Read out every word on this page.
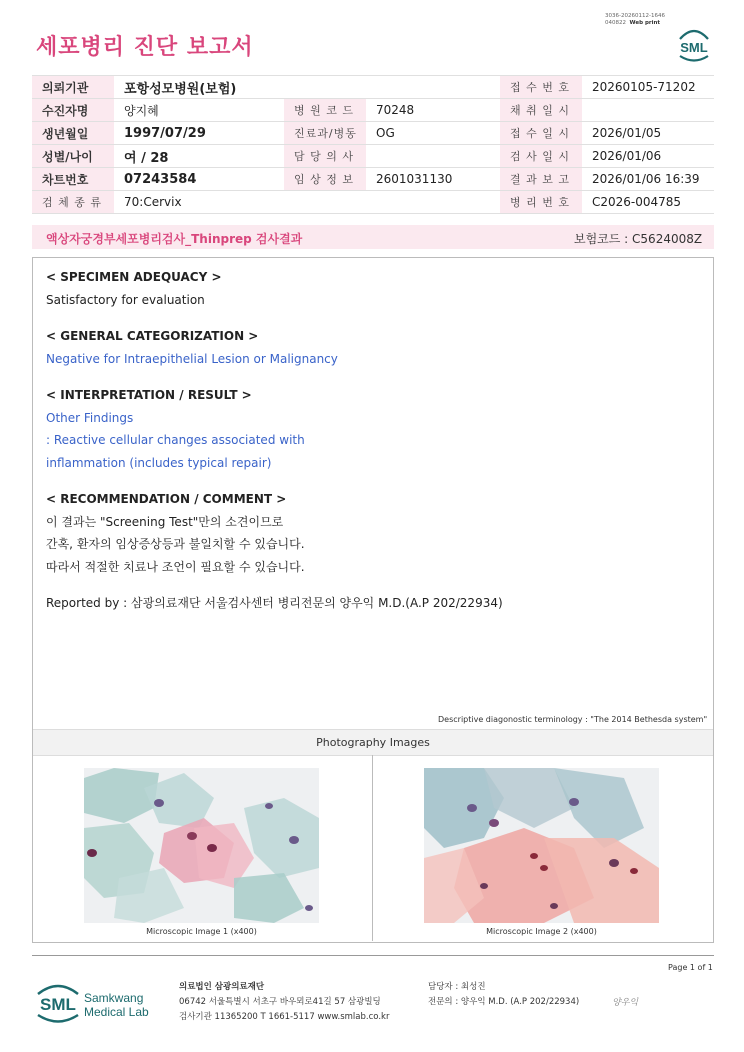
세포병리 진단 보고서
3036-20260112-1646
040822 Web print
SML
의뢰기관	포항성모병원(보험)			접 수 번 호	20260105-71202
수진자명	양지혜	병 원 코 드	70248	채 취 일 시	
생년월일	1997/07/29	진료과/병동	OG	접 수 일 시	2026/01/05
성별/나이	여 / 28	담 당 의 사		검 사 일 시	2026/01/06
차트번호	07243584	임 상 정 보	2601031130	결 과 보 고	2026/01/06 16:39
검 체 종 류	70:Cervix			병 리 번 호	C2026-004785
액상자궁경부세포병리검사_Thinprep 검사결과	보험코드 : C5624008Z
< SPECIMEN ADEQUACY >
Satisfactory for evaluation
< GENERAL CATEGORIZATION >
Negative for Intraepithelial Lesion or Malignancy
< INTERPRETATION / RESULT >
Other Findings
: Reactive cellular changes associated with
inflammation (includes typical repair)
< RECOMMENDATION / COMMENT >
이 결과는 "Screening Test"만의 소견이므로
간혹, 환자의 임상증상등과 불일치할 수 있습니다.
따라서 적절한 치료나 조언이 필요할 수 있습니다.
Reported by : 삼광의료재단 서울검사센터 병리전문의 양우익 M.D.(A.P 202/22934)
Descriptive diagonostic terminology : "The 2014 Bethesda system"
Photography Images
Microscopic Image 1 (x400)	Microscopic Image 2 (x400)
Page 1 of 1
SML Samkwang
Medical Lab
의료법인 삼광의료재단
06742 서울특별시 서초구 바우뫼로41길 57 삼광빌딩
검사기관 11365200 T 1661-5117 www.smlab.co.kr
담당자 : 최성진
전문의 : 양우익 M.D. (A.P 202/22934)	양우익
